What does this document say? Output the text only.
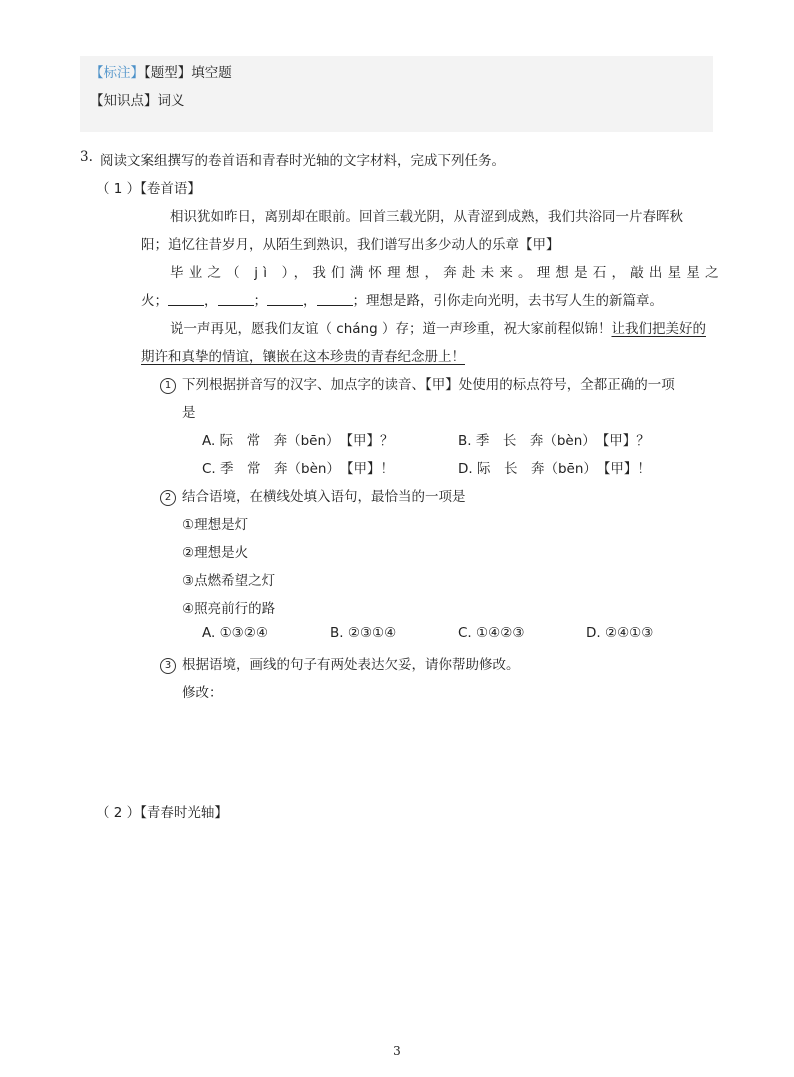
【标注】【题型】填空题
【知识点】词义
3. 阅读文案组撰写的卷首语和青春时光轴的文字材料，完成下列任务。
（ 1 ）【卷首语】
相识犹如昨日，离别却在眼前。回首三载光阴，从青涩到成熟，我们共浴同一片春晖秋
阳；追忆往昔岁月，从陌生到熟识，我们谱写出多少动人的乐章【甲】
毕业之（ jì ），我们满怀理想，奔赴未来。理想是石，敲出星星之
火；	，	；	，	；理想是路，引你走向光明，去书写人生的新篇章。
说一声再见，愿我们友谊（ cháng ）存；道一声珍重，祝大家前程似锦！让我们把美好的
期许和真挚的情谊，镶嵌在这本珍贵的青春纪念册上！
1 下列根据拼音写的汉字、加点字的读音、【甲】处使用的标点符号，全都正确的一项
是
A. 际　常　奔（bēn）　【甲】？	B. 季　长　奔（bèn）　【甲】？
C. 季　常　奔（bèn）　【甲】！	D. 际　长　奔（bēn）　【甲】！
2 结合语境，在横线处填入语句，最恰当的一项是
①理想是灯
②理想是火
③点燃希望之灯
④照亮前行的路
A. ①③②④	B. ②③①④	C. ①④②③	D. ②④①③
3 根据语境，画线的句子有两处表达欠妥，请你帮助修改。
修改：
（ 2 ）【青春时光轴】
3
